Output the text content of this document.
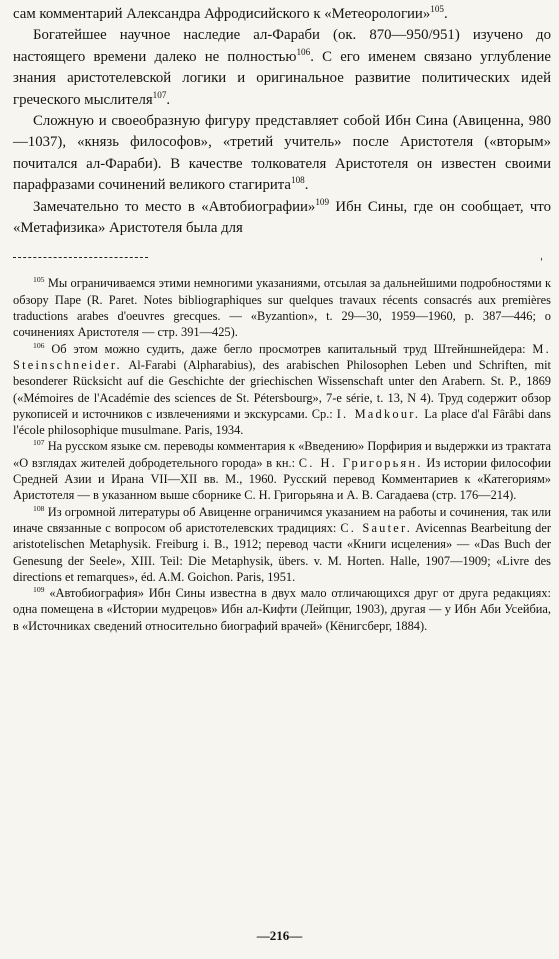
сам комментарий Александра Афродисийского к «Метеорологии»$^{105}$.

Богатейшее научное наследие ал-Фараби (ок. 870—950/951) изучено до настоящего времени далеко не полностью$^{106}$. С его именем связано углубление знания аристотелевской логики и оригинальное развитие политических идей греческого мыслителя$^{107}$.

Сложную и своеобразную фигуру представляет собой Ибн Сина (Авиценна, 980—1037), «князь философов», «третий учитель» после Аристотеля («вторым» почитался ал-Фараби). В качестве толкователя Аристотеля он известен своими парафразами сочинений великого стагирита$^{108}$.

Замечательно то место в «Автобиографии»$^{109}$ Ибн Сины, где он сообщает, что «Метафизика» Аристотеля была для

ˌ

$^{105}$ Мы ограничиваемся этими немногими указаниями, отсылая за дальнейшими подробностями к обзору Паре (R. Paret. Notes bibliographiques sur quelques travaux récents consacrés aux premières traductions arabes d'oeuvres grecques. — «Byzantion», t. 29—30, 1959—1960, p. 387—446; о сочинениях Аристотеля — стр. 391—425).

$^{106}$ Об этом можно судить, даже бегло просмотрев капитальный труд Штейншнейдера: M. Steinschneider. Al-Farabi (Alpharabius), des arabischen Philosophen Leben und Schriften, mit besonderer Rücksicht auf die Geschichte der griechischen Wissenschaft unter den Arabern. St. P., 1869 («Mémoires de l'Académie des sciences de St. Pétersbourg», 7-e série, t. 13, N 4). Труд содержит обзор рукописей и источников с извлечениями и экскурсами. Ср.: I. Madkour. La place d'al Fârâbi dans l'école philosophique musulmane. Paris, 1934.

$^{107}$ На русском языке см. переводы комментария к «Введению» Порфирия и выдержки из трактата «О взглядах жителей добродетельного города» в кн.: С. Н. Григорьян. Из истории философии Средней Азии и Ирана VII—XII вв. М., 1960. Русский перевод Комментариев к «Категориям» Аристотеля — в указанном выше сборнике С. Н. Григорьяна и А. В. Сагадаева (стр. 176—214).

$^{108}$ Из огромной литературы об Авиценне ограничимся указанием на работы и сочинения, так или иначе связанные с вопросом об аристотелевских традициях: C. Sauter. Avicennas Bearbeitung der aristotelischen Metaphysik. Freiburg i. B., 1912; перевод части «Книги исцеления» — «Das Buch der Genesung der Seele», XIII. Teil: Die Metaphysik, übers. v. M. Horten. Halle, 1907—1909; «Livre des directions et remarques», éd. A.M. Goichon. Paris, 1951.

$^{109}$ «Автобиография» Ибн Сины известна в двух мало отличающихся друг от друга редакциях: одна помещена в «Истории мудрецов» Ибн ал-Кифти (Лейпциг, 1903), другая — у Ибн Аби Усейбиа, в «Источниках сведений относительно биографий врачей» (Кёнигсберг, 1884).

—216—
